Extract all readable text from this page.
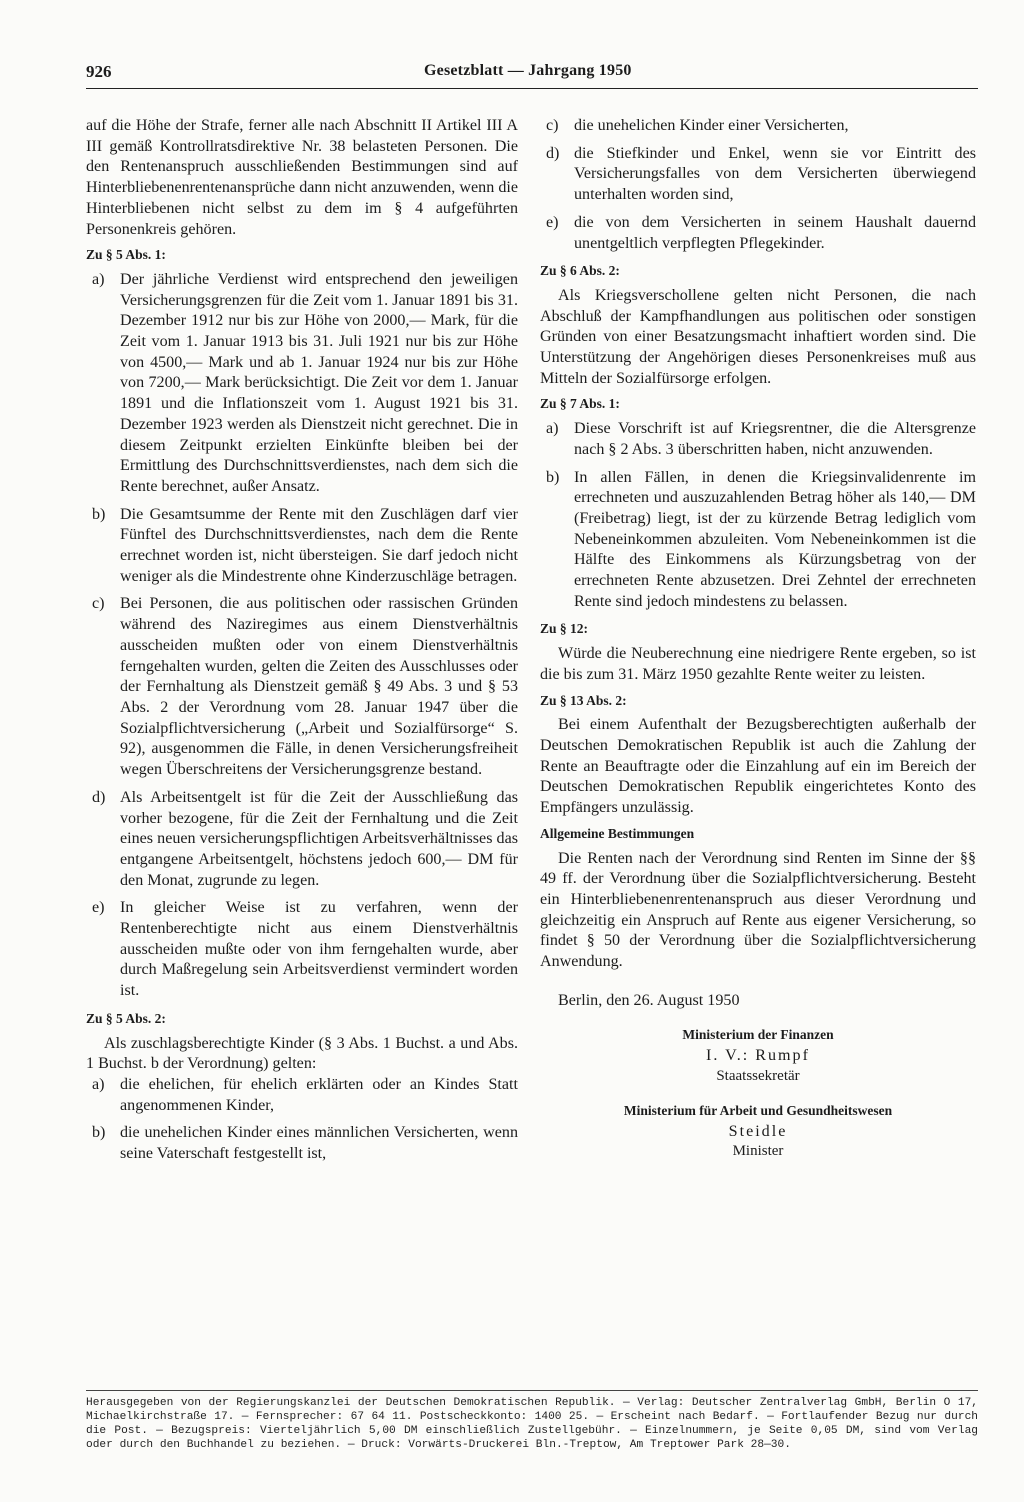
926	Gesetzblatt — Jahrgang 1950

auf die Höhe der Strafe, ferner alle nach Abschnitt II Artikel III A III gemäß Kontrollratsdirektive Nr. 38 belasteten Personen. Die den Rentenanspruch ausschließenden Bestimmungen sind auf Hinterbliebenenrentenansprüche dann nicht anzuwenden, wenn die Hinterbliebenen nicht selbst zu dem im § 4 aufgeführten Personenkreis gehören.

Zu § 5 Abs. 1:

a) Der jährliche Verdienst wird entsprechend den jeweiligen Versicherungsgrenzen für die Zeit vom 1. Januar 1891 bis 31. Dezember 1912 nur bis zur Höhe von 2000,— Mark, für die Zeit vom 1. Januar 1913 bis 31. Juli 1921 nur bis zur Höhe von 4500,— Mark und ab 1. Januar 1924 nur bis zur Höhe von 7200,— Mark berücksichtigt. Die Zeit vor dem 1. Januar 1891 und die Inflationszeit vom 1. August 1921 bis 31. Dezember 1923 werden als Dienstzeit nicht gerechnet. Die in diesem Zeitpunkt erzielten Einkünfte bleiben bei der Ermittlung des Durchschnittsverdienstes, nach dem sich die Rente berechnet, außer Ansatz.
b) Die Gesamtsumme der Rente mit den Zuschlägen darf vier Fünftel des Durchschnittsverdienstes, nach dem die Rente errechnet worden ist, nicht übersteigen. Sie darf jedoch nicht weniger als die Mindestrente ohne Kinderzuschläge betragen.
c) Bei Personen, die aus politischen oder rassischen Gründen während des Naziregimes aus einem Dienstverhältnis ausscheiden mußten oder von einem Dienstverhältnis ferngehalten wurden, gelten die Zeiten des Ausschlusses oder der Fernhaltung als Dienstzeit gemäß § 49 Abs. 3 und § 53 Abs. 2 der Verordnung vom 28. Januar 1947 über die Sozialpflichtversicherung („Arbeit und Sozialfürsorge“ S. 92), ausgenommen die Fälle, in denen Versicherungsfreiheit wegen Überschreitens der Versicherungsgrenze bestand.
d) Als Arbeitsentgelt ist für die Zeit der Ausschließung das vorher bezogene, für die Zeit der Fernhaltung und die Zeit eines neuen versicherungspflichtigen Arbeitsverhältnisses das entgangene Arbeitsentgelt, höchstens jedoch 600,— DM für den Monat, zugrunde zu legen.
e) In gleicher Weise ist zu verfahren, wenn der Rentenberechtigte nicht aus einem Dienstverhältnis ausscheiden mußte oder von ihm ferngehalten wurde, aber durch Maßregelung sein Arbeitsverdienst vermindert worden ist.

Zu § 5 Abs. 2:

Als zuschlagsberechtigte Kinder (§ 3 Abs. 1 Buchst. a und Abs. 1 Buchst. b der Verordnung) gelten:

a) die ehelichen, für ehelich erklärten oder an Kindes Statt angenommenen Kinder,
b) die unehelichen Kinder eines männlichen Versicherten, wenn seine Vaterschaft festgestellt ist,
c) die unehelichen Kinder einer Versicherten,
d) die Stiefkinder und Enkel, wenn sie vor Eintritt des Versicherungsfalles von dem Versicherten überwiegend unterhalten worden sind,
e) die von dem Versicherten in seinem Haushalt dauernd unentgeltlich verpflegten Pflegekinder.

Zu § 6 Abs. 2:

Als Kriegsverschollene gelten nicht Personen, die nach Abschluß der Kampfhandlungen aus politischen oder sonstigen Gründen von einer Besatzungsmacht inhaftiert worden sind. Die Unterstützung der Angehörigen dieses Personenkreises muß aus Mitteln der Sozialfürsorge erfolgen.

Zu § 7 Abs. 1:

a) Diese Vorschrift ist auf Kriegsrentner, die die Altersgrenze nach § 2 Abs. 3 überschritten haben, nicht anzuwenden.
b) In allen Fällen, in denen die Kriegsinvalidenrente im errechneten und auszuzahlenden Betrag höher als 140,— DM (Freibetrag) liegt, ist der zu kürzende Betrag lediglich vom Nebeneinkommen abzuleiten. Vom Nebeneinkommen ist die Hälfte des Einkommens als Kürzungsbetrag von der errechneten Rente abzusetzen. Drei Zehntel der errechneten Rente sind jedoch mindestens zu belassen.

Zu § 12:

Würde die Neuberechnung eine niedrigere Rente ergeben, so ist die bis zum 31. März 1950 gezahlte Rente weiter zu leisten.

Zu § 13 Abs. 2:

Bei einem Aufenthalt der Bezugsberechtigten außerhalb der Deutschen Demokratischen Republik ist auch die Zahlung der Rente an Beauftragte oder die Einzahlung auf ein im Bereich der Deutschen Demokratischen Republik eingerichtetes Konto des Empfängers unzulässig.

Allgemeine Bestimmungen

Die Renten nach der Verordnung sind Renten im Sinne der §§ 49 ff. der Verordnung über die Sozialpflichtversicherung. Besteht ein Hinterbliebenenrentenanspruch aus dieser Verordnung und gleichzeitig ein Anspruch auf Rente aus eigener Versicherung, so findet § 50 der Verordnung über die Sozialpflichtversicherung Anwendung.

Berlin, den 26. August 1950

Ministerium der Finanzen

I. V.: Rumpf

Staatssekretär

Ministerium für Arbeit und Gesundheitswesen

Steidle

Minister

Herausgegeben von der Regierungskanzlei der Deutschen Demokratischen Republik. — Verlag: Deutscher Zentralverlag GmbH, Berlin O 17, Michaelkirchstraße 17. — Fernsprecher: 67 64 11. Postscheckkonto: 1400 25. — Erscheint nach Bedarf. — Fortlaufender Bezug nur durch die Post. — Bezugspreis: Vierteljährlich 5,00 DM einschließlich Zustellgebühr. — Einzelnummern, je Seite 0,05 DM, sind vom Verlag oder durch den Buchhandel zu beziehen. — Druck: Vorwärts-Druckerei Bln.-Treptow, Am Treptower Park 28—30.
